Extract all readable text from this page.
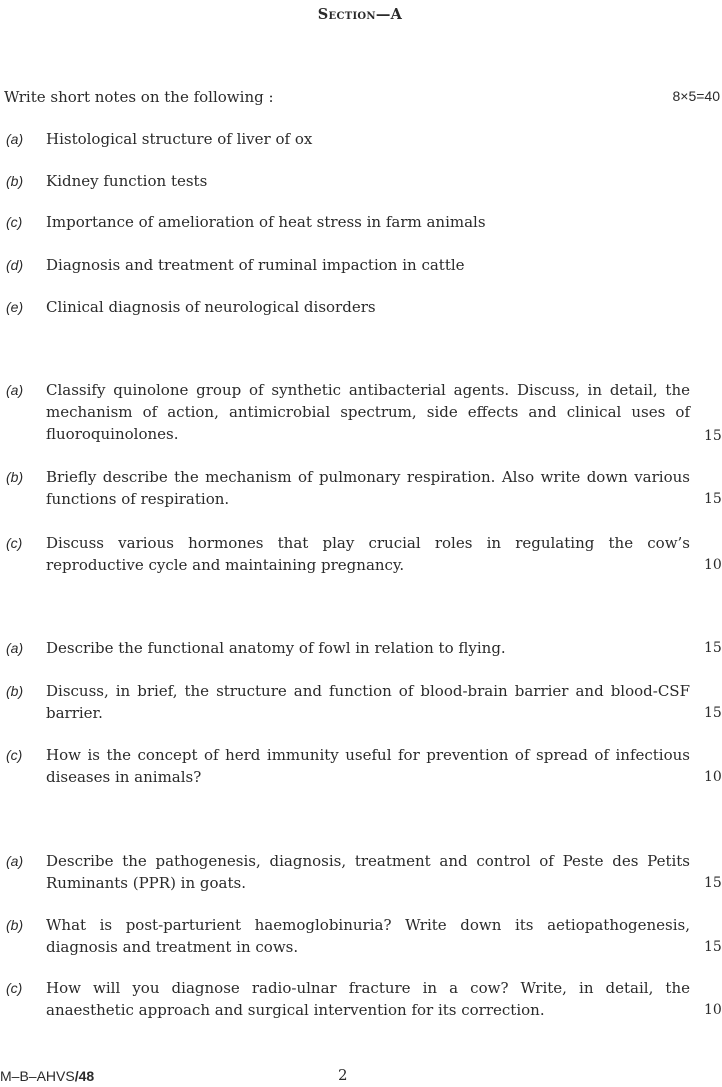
Section—A
Write short notes on the following :	8×5=40
(a) Histological structure of liver of ox
(b) Kidney function tests
(c) Importance of amelioration of heat stress in farm animals
(d) Diagnosis and treatment of ruminal impaction in cattle
(e) Clinical diagnosis of neurological disorders
(a) Classify quinolone group of synthetic antibacterial agents. Discuss, in detail, the mechanism of action, antimicrobial spectrum, side effects and clinical uses of fluoroquinolones.	15
(b) Briefly describe the mechanism of pulmonary respiration. Also write down various functions of respiration.	15
(c) Discuss various hormones that play crucial roles in regulating the cow’s reproductive cycle and maintaining pregnancy.	10
(a) Describe the functional anatomy of fowl in relation to flying.	15
(b) Discuss, in brief, the structure and function of blood-brain barrier and blood-CSF barrier.	15
(c) How is the concept of herd immunity useful for prevention of spread of infectious diseases in animals?	10
(a) Describe the pathogenesis, diagnosis, treatment and control of Peste des Petits Ruminants (PPR) in goats.	15
(b) What is post-parturient haemoglobinuria? Write down its aetiopathogenesis, diagnosis and treatment in cows.	15
(c) How will you diagnose radio-ulnar fracture in a cow? Write, in detail, the anaesthetic approach and surgical intervention for its correction.	10
M–B–AHVS/48	2
